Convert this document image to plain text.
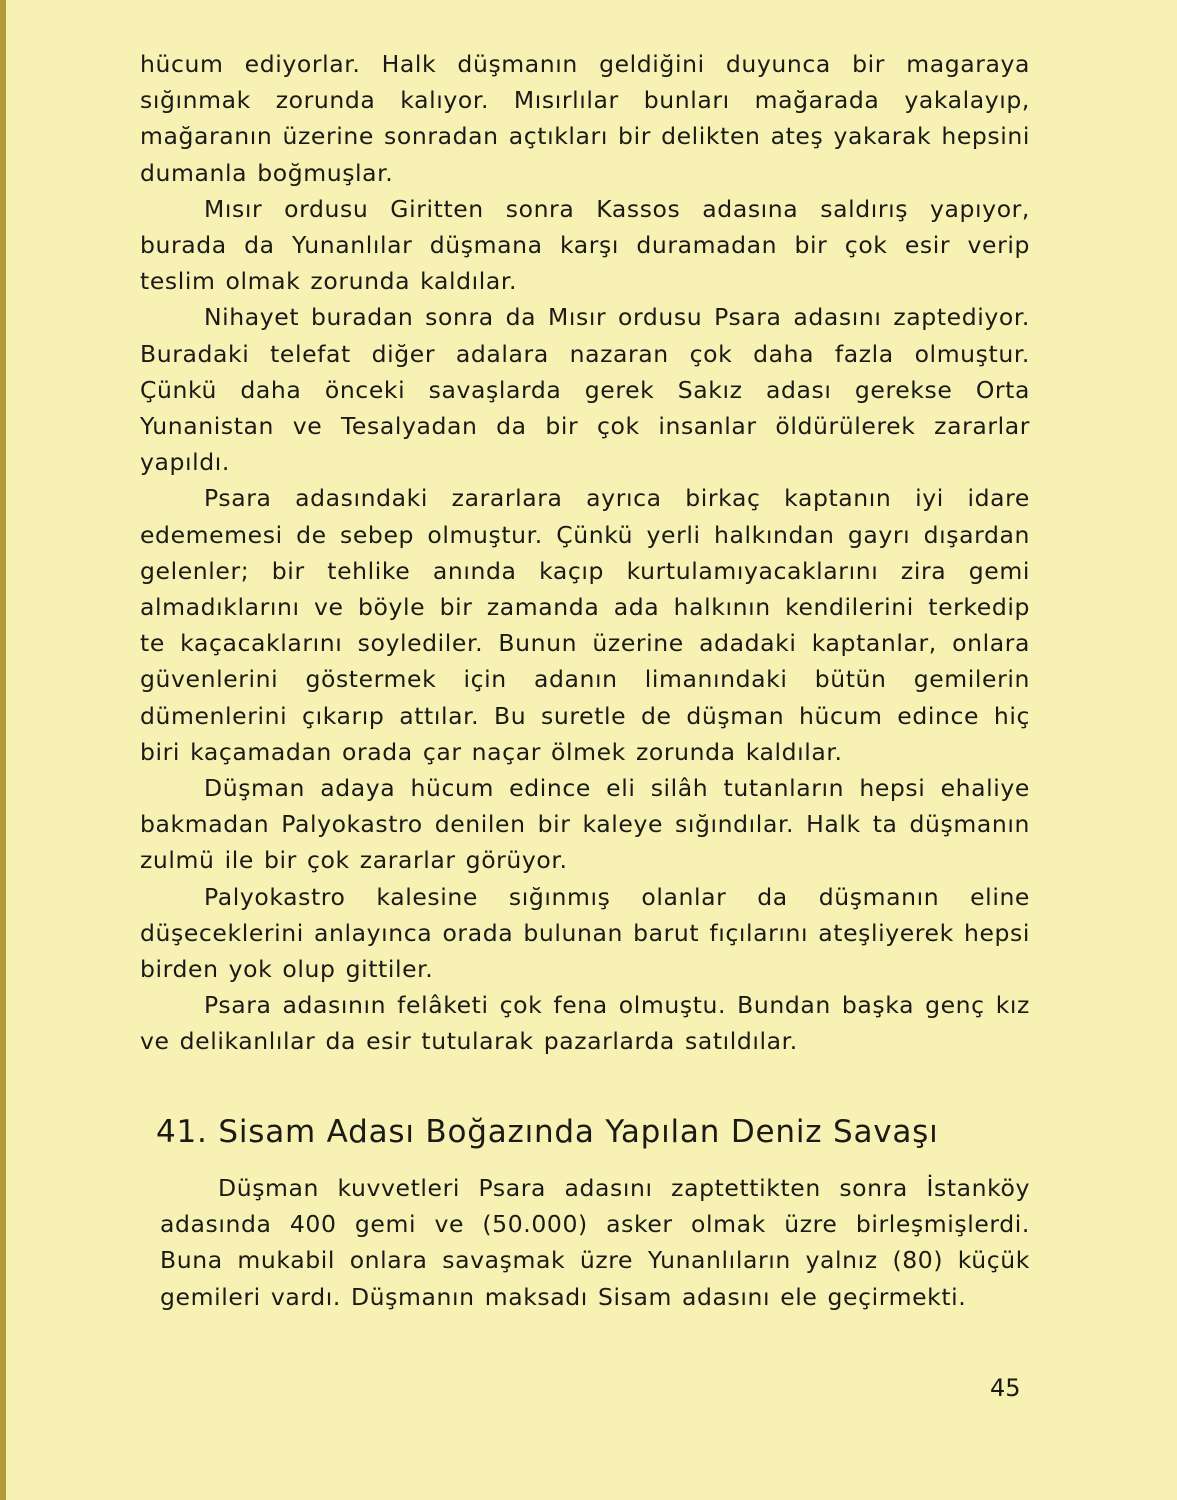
hücum ediyorlar. Halk düşmanın geldiğini duyunca bir magaraya sığınmak zorunda kalıyor. Mısırlılar bunları mağarada yakalayıp, mağaranın üzerine sonradan açtıkları bir delikten ateş yakarak hepsini dumanla boğmuşlar.

Mısır ordusu Giritten sonra Kassos adasına saldırış yapıyor, burada da Yunanlılar düşmana karşı duramadan bir çok esir verip teslim olmak zorunda kaldılar.

Nihayet buradan sonra da Mısır ordusu Psara adasını zaptediyor. Buradaki telefat diğer adalara nazaran çok daha fazla olmuştur. Çünkü daha önceki savaşlarda gerek Sakız adası gerekse Orta Yunanistan ve Tesalyadan da bir çok insanlar öldürülerek zararlar yapıldı.

Psara adasındaki zararlara ayrıca birkaç kaptanın iyi idare edememesi de sebep olmuştur. Çünkü yerli halkından gayrı dışardan gelenler; bir tehlike anında kaçıp kurtulamıyacaklarını zira gemi almadıklarını ve böyle bir zamanda ada halkının kendilerini terkedip te kaçacaklarını soylediler. Bunun üzerine adadaki kaptanlar, onlara güvenlerini göstermek için adanın limanındaki bütün gemilerin dümenlerini çıkarıp attılar. Bu suretle de düşman hücum edince hiç biri kaçamadan orada çar naçar ölmek zorunda kaldılar.

Düşman adaya hücum edince eli silâh tutanların hepsi ehaliye bakmadan Palyokastro denilen bir kaleye sığındılar. Halk ta düşmanın zulmü ile bir çok zararlar görüyor.

Palyokastro kalesine sığınmış olanlar da düşmanın eline düşeceklerini anlayınca orada bulunan barut fıçılarını ateşliyerek hepsi birden yok olup gittiler.

Psara adasının felâketi çok fena olmuştu. Bundan başka genç kız ve delikanlılar da esir tutularak pazarlarda satıldılar.

41. Sisam Adası Boğazında Yapılan Deniz Savaşı

Düşman kuvvetleri Psara adasını zaptettikten sonra İstanköy adasında 400 gemi ve (50.000) asker olmak üzre birleşmişlerdi. Buna mukabil onlara savaşmak üzre Yunanlıların yalnız (80) küçük gemileri vardı. Düşmanın maksadı Sisam adasını ele geçirmekti.

45
